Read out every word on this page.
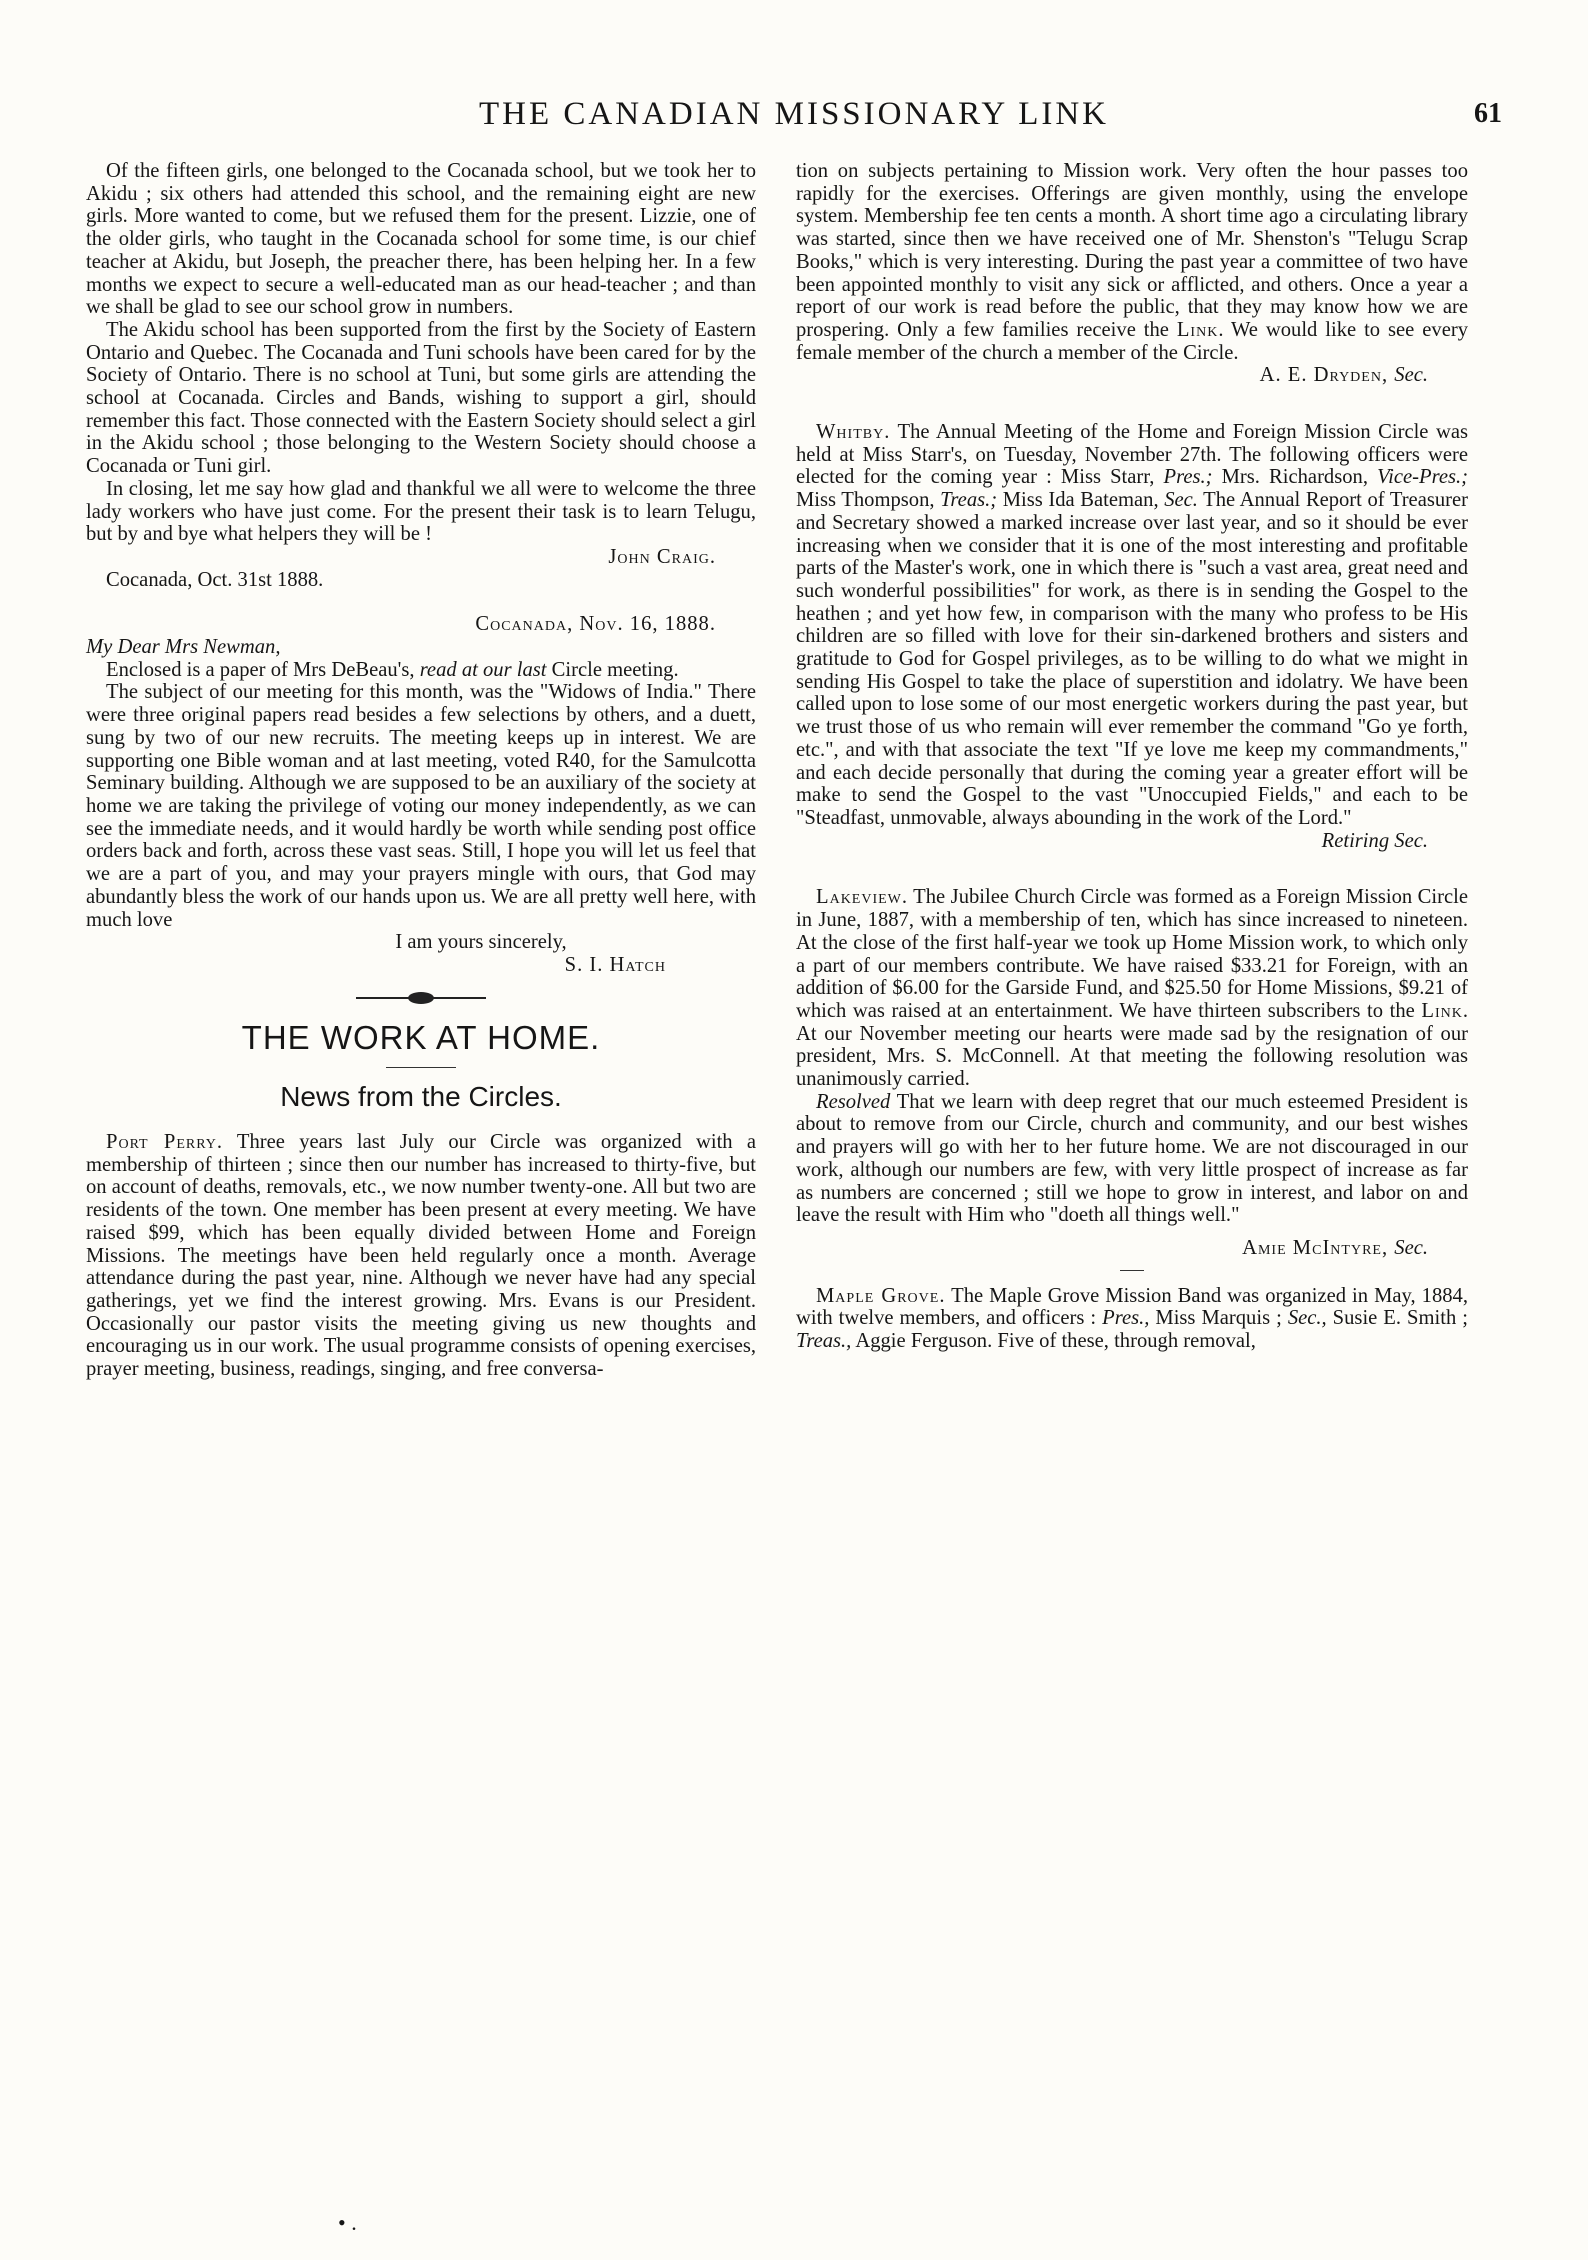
THE CANADIAN MISSIONARY LINK	61

Of the fifteen girls, one belonged to the Cocanada school, but we took her to Akidu ; six others had attended this school, and the remaining eight are new girls. More wanted to come, but we refused them for the present. Lizzie, one of the older girls, who taught in the Cocanada school for some time, is our chief teacher at Akidu, but Joseph, the preacher there, has been helping her. In a few months we expect to secure a well-educated man as our head-teacher ; and than we shall be glad to see our school grow in numbers.

The Akidu school has been supported from the first by the Society of Eastern Ontario and Quebec. The Cocanada and Tuni schools have been cared for by the Society of Ontario. There is no school at Tuni, but some girls are attending the school at Cocanada. Circles and Bands, wishing to support a girl, should remember this fact. Those connected with the Eastern Society should select a girl in the Akidu school ; those belonging to the Western Society should choose a Cocanada or Tuni girl.

In closing, let me say how glad and thankful we all were to welcome the three lady workers who have just come. For the present their task is to learn Telugu, but by and bye what helpers they will be !

John Craig.

Cocanada, Oct. 31st 1888.

Cocanada, Nov. 16, 1888.

My Dear Mrs Newman,

Enclosed is a paper of Mrs DeBeau's, read at our last Circle meeting.

The subject of our meeting for this month, was the "Widows of India." There were three original papers read besides a few selections by others, and a duett, sung by two of our new recruits. The meeting keeps up in interest. We are supporting one Bible woman and at last meeting, voted R40, for the Samulcotta Seminary building. Although we are supposed to be an auxiliary of the society at home we are taking the privilege of voting our money independently, as we can see the immediate needs, and it would hardly be worth while sending post office orders back and forth, across these vast seas. Still, I hope you will let us feel that we are a part of you, and may your prayers mingle with ours, that God may abundantly bless the work of our hands upon us. We are all pretty well here, with much love

I am yours sincerely,

S. I. Hatch

THE WORK AT HOME.
News from the Circles.

Port Perry. Three years last July our Circle was organized with a membership of thirteen ; since then our number has increased to thirty-five, but on account of deaths, removals, etc., we now number twenty-one. All but two are residents of the town. One member has been present at every meeting. We have raised $99, which has been equally divided between Home and Foreign Missions. The meetings have been held regularly once a month. Average attendance during the past year, nine. Although we never have had any special gatherings, yet we find the interest growing. Mrs. Evans is our President. Occasionally our pastor visits the meeting giving us new thoughts and encouraging us in our work. The usual programme consists of opening exercises, prayer meeting, business, readings, singing, and free conversa-

tion on subjects pertaining to Mission work. Very often the hour passes too rapidly for the exercises. Offerings are given monthly, using the envelope system. Membership fee ten cents a month. A short time ago a circulating library was started, since then we have received one of Mr. Shenston's "Telugu Scrap Books," which is very interesting. During the past year a committee of two have been appointed monthly to visit any sick or afflicted, and others. Once a year a report of our work is read before the public, that they may know how we are prospering. Only a few families receive the Link. We would like to see every female member of the church a member of the Circle.

A. E. Dryden, Sec.

Whitby. The Annual Meeting of the Home and Foreign Mission Circle was held at Miss Starr's, on Tuesday, November 27th. The following officers were elected for the coming year : Miss Starr, Pres.; Mrs. Richardson, Vice-Pres.; Miss Thompson, Treas.; Miss Ida Bateman, Sec. The Annual Report of Treasurer and Secretary showed a marked increase over last year, and so it should be ever increasing when we consider that it is one of the most interesting and profitable parts of the Master's work, one in which there is "such a vast area, great need and such wonderful possibilities" for work, as there is in sending the Gospel to the heathen ; and yet how few, in comparison with the many who profess to be His children are so filled with love for their sin-darkened brothers and sisters and gratitude to God for Gospel privileges, as to be willing to do what we might in sending His Gospel to take the place of superstition and idolatry. We have been called upon to lose some of our most energetic workers during the past year, but we trust those of us who remain will ever remember the command "Go ye forth, etc.", and with that associate the text "If ye love me keep my commandments," and each decide personally that during the coming year a greater effort will be make to send the Gospel to the vast "Unoccupied Fields," and each to be "Steadfast, unmovable, always abounding in the work of the Lord."

Retiring Sec.

Lakeview. The Jubilee Church Circle was formed as a Foreign Mission Circle in June, 1887, with a membership of ten, which has since increased to nineteen. At the close of the first half-year we took up Home Mission work, to which only a part of our members contribute. We have raised $33.21 for Foreign, with an addition of $6.00 for the Garside Fund, and $25.50 for Home Missions, $9.21 of which was raised at an entertainment. We have thirteen subscribers to the Link. At our November meeting our hearts were made sad by the resignation of our president, Mrs. S. McConnell. At that meeting the following resolution was unanimously carried.

Resolved That we learn with deep regret that our much esteemed President is about to remove from our Circle, church and community, and our best wishes and prayers will go with her to her future home. We are not discouraged in our work, although our numbers are few, with very little prospect of increase as far as numbers are concerned ; still we hope to grow in interest, and labor on and leave the result with Him who "doeth all things well."

Amie McIntyre, Sec.

Maple Grove. The Maple Grove Mission Band was organized in May, 1884, with twelve members, and officers : Pres., Miss Marquis ; Sec., Susie E. Smith ; Treas., Aggie Ferguson. Five of these, through removal,

• .
